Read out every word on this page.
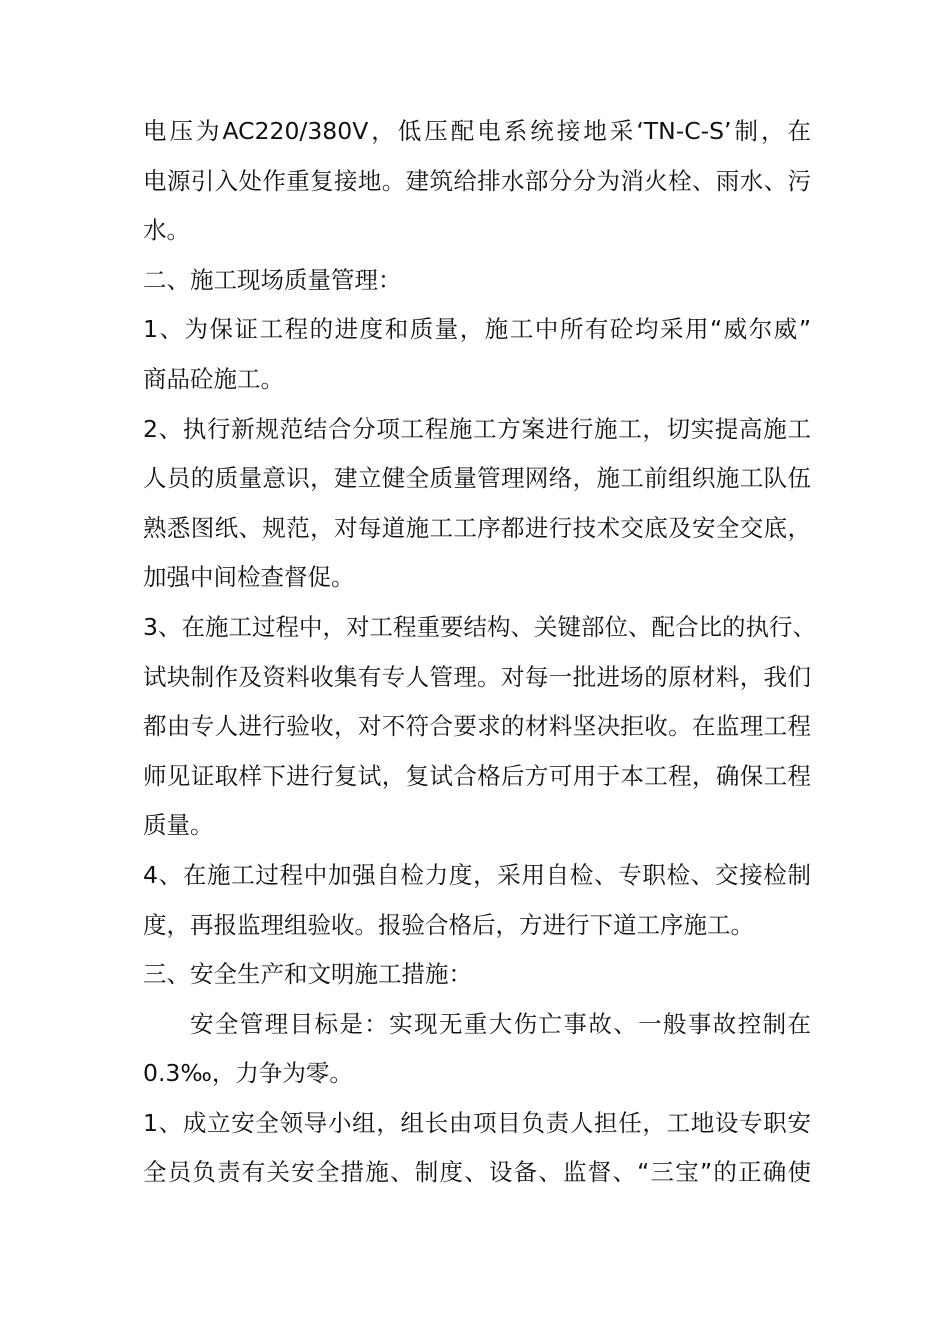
电压为AC220/380V，低压配电系统接地采‘TN-C-S’制，在
电源引入处作重复接地。建筑给排水部分分为消火栓、雨水、污
水。
二、施工现场质量管理：
1、为保证工程的进度和质量，施工中所有砼均采用“威尔威”
商品砼施工。
2、执行新规范结合分项工程施工方案进行施工，切实提高施工
人员的质量意识，建立健全质量管理网络，施工前组织施工队伍
熟悉图纸、规范，对每道施工工序都进行技术交底及安全交底，
加强中间检查督促。
3、在施工过程中，对工程重要结构、关键部位、配合比的执行、
试块制作及资料收集有专人管理。对每一批进场的原材料，我们
都由专人进行验收，对不符合要求的材料坚决拒收。在监理工程
师见证取样下进行复试，复试合格后方可用于本工程，确保工程
质量。
4、在施工过程中加强自检力度，采用自检、专职检、交接检制
度，再报监理组验收。报验合格后，方进行下道工序施工。
三、安全生产和文明施工措施：
安全管理目标是：实现无重大伤亡事故、一般事故控制在
0.3‰，力争为零。
1、成立安全领导小组，组长由项目负责人担任，工地设专职安
全员负责有关安全措施、制度、设备、监督、“三宝”的正确使
